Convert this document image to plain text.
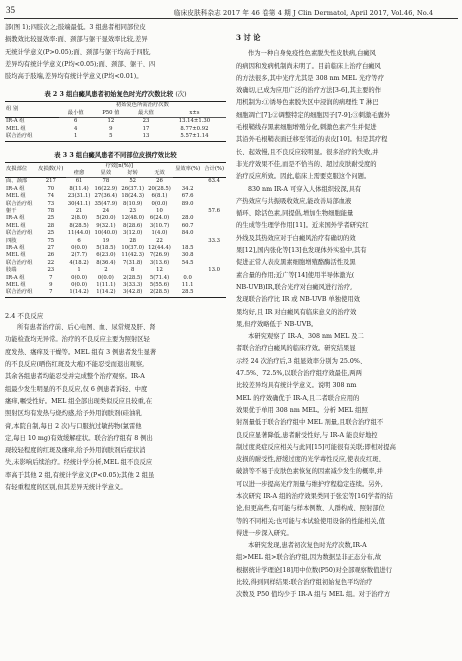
35	临床皮肤科杂志 2017 年 46 卷第 4 期 J Clin Dermatol, April 2017, Vol.46, No.4

部(图 1);四肢次之;肢端最低。3 组患者相同部位皮

损教效比较显效率:面、颈部与躯干显效率比较,差异

无统计学意义(P>0.05);面、颈部与躯干均高于四肢,

差异均有统计学意义(P均<0.05);面、颈部、躯干、四

肢均高于肢端,差异均有统计学意义(P均<0.01)。

表 2 3 组白癜风患者初始复色时光疗次数比较 (次)

组 别	初始复色所需治疗次数			
	最小值	P50 值	最大值	x±s
IR-A 组	6	12	23	13.14±1.30
MEL 组	4	9	17	8.77±0.92
联合治疗组	1	5	13	5.57±1.14

表 3 3 组白癜风患者不同部位皮损疗效比较

皮损部位	皮损数(片)	疗效[n(%)]				显效率(%)	合计(%)
		痊愈	显效	好转	无效		
面、颈部	217	61	78	52	26		63.4
IR-A 组	70	8(11.4)	16(22.9)	26(37.1)	20(28.5)	34.2	
MEL 组	74	23(31.1)	27(36.4)	18(24.3)	6(8.1)	67.6	
联合治疗组	73	30(41.1)	35(47.9)	8(10.9)	0(0.0)	89.0	
躯干	78	21	24	23	10		57.6
IR-A 组	25	2(8.0)	5(20.0)	12(48.0)	6(24.0)	28.0	
MEL 组	28	8(28.5)	9(32.1)	8(28.6)	3(10.7)	60.7	
联合治疗组	25	11(44.0)	10(40.0)	3(12.0)	1(4.0)	84.0	
四肢	75	6	19	28	22		33.3
IR-A 组	27	0(0.0)	5(18.5)	10(37.0)	12(44.4)	18.5	
MEL 组	26	2(7.7)	6(23.0)	11(42.3)	7(26.9)	30.8	
联合治疗组	22	4(18.2)	8(36.4)	7(31.8)	3(13.6)	54.5	
肢端	23	1	2	8	12		13.0
IR-A 组	7	0(0.0)	0(0.0)	2(28.5)	5(71.4)	0.0	
MEL 组	9	0(0.0)	1(11.1)	3(33.3)	5(55.6)	11.1	
联合治疗组	7	1(14.2)	1(14.2)	3(42.8)	2(28.5)	28.5	

2.4 不良反应

所有患者治疗前、后心电图、血、尿常规及肝、肾

功能检查均无异常。治疗的不良反应主要为照射区轻

度发热、瘙痒及干燥等。MEL 组有 3 例患者发生显著

的不良反应(晒伤红斑及大疱)不能忍受而退出观察,

其余各组患者均能忍受并完成整个治疗观察。IR-A

组最少发生明显的不良反应,仅 6 例患者诉轻、中度

瘙痒,嘱受性好。MEL 组全部出现类似反应且较重,在

照射区均有发热与烧灼感,给予外用润肤剂(硅油乳

膏,本院自制,每日 2 次)与口服抗过敏药物(氯雷他

定,每日 10 mg)有效缓解症状。联合治疗组有 8 例出

现较轻程度的红斑及瘙痒,给予外用润肤剂后症状消

失,未影响后续治疗。经统计学分析,MEL 组不良反应

率高于其他 2 组,有统计学意义(P<0.05);其他 2 组虽

有轻重程度的区别,但其差异无统计学意义。

3 讨 论

作为一种自身免疫性色素脱失性皮肤病,白癜风

的病因和发病机制尚未明了。目前临床上治疗白癜风

的方法很多,其中光疗尤其是 308 nm MEL 光疗等疗

效确切,已成为应用广泛的治疗方法[3-6],其主要的作

用机制为:①诱导色素脱失区中浸润的病理性 T 淋巴

细胞凋亡[7];②调整特定的细胞因子[7-9];③刺激毛囊外

毛根鞘线存黑素细胞增殖分化,刺激色素产生并促进

其沿外毛根鞘表面迁移至邻近的表皮[10]。但是其疗程

长、起效慢,且不良反应较明显。很多治疗的失败,并

非光疗效果不佳,而是不恰当的、超过皮肤耐受度的

治疗反应所致。因此,临床上需要克服这个问题。

830 nm IR-A 可穿入人体组织较深,具有

产热效应与共振吸收效应,能改善局部血液

循环、除活色素,同提倡,增加生物细胞能量

的生成等生理学作用[11]。近来国外学者研究红

外线及其热效应对于白癜风治疗有确切的效

果[12],国内张化等[13]也发现体外实验中,其有

促进正常人表皮黑素细胞增殖酪酶活性及黑

素合量的作用;近广等[14]使用半导体激光(

NB-UVB)IR,联合光疗对白癜风进行治疗,

发现联合治疗比 IR 或 NB-UVB 单独使用效

果均好,且 IR 对白癜风有临床意义的治疗效

果,但疗效略低于 NB-UVB。

本研究观察了 IR-A、308 nm MEL 及二

者联合治疗白癜风的临床疗效。研究结果显

示经 24 次治疗后,3 组显效率分别为 25.0%、

47.5%、72.5%,以联合治疗组疗效最佳,两两

比较差异均具有统计学意义。说明 308 nm

MEL 的疗效确优于 IR-A,且二者联合应用的

效果优于单用 308 nm MEL。分析 MEL 组照

射剂量低于联合治疗组中 MEL 剂量,且联合治疗组不

良反应显著降低,患者耐受性好,与 IR-A 能良好地控

制过度炎症反应相关与此同[15]可能很有关联;即相对提高

皮损的耐受性,舒缓过度的光学毒性反应,使表皮红斑、

破溃等不易于皮肤色素恢复的因素减少发生的概率,并

可以进一步提高光疗剂量与维护疗程稳定连续。另外,

本次研究 IR-A 组的治疗效果类同于张宏等[16]学者的结

论,但更高些,有可能与样本例数、人群构成、照射部位

等的不同相关;也可能与本试验使用设备的性能相关,值

得进一步深入研究。

本研究发现,患者初次复色时光疗次数,IR-A

组>MEL 组>联合治疗组,因为数据呈非正态分布,故

根据统计学理论[18]用中位数(P50)对全部观察数值进行

比较,得到同样结果:联合治疗组初始复色平均治疗

次数及 P50 值均少于 IR-A 组与 MEL 组。对于治疗方
